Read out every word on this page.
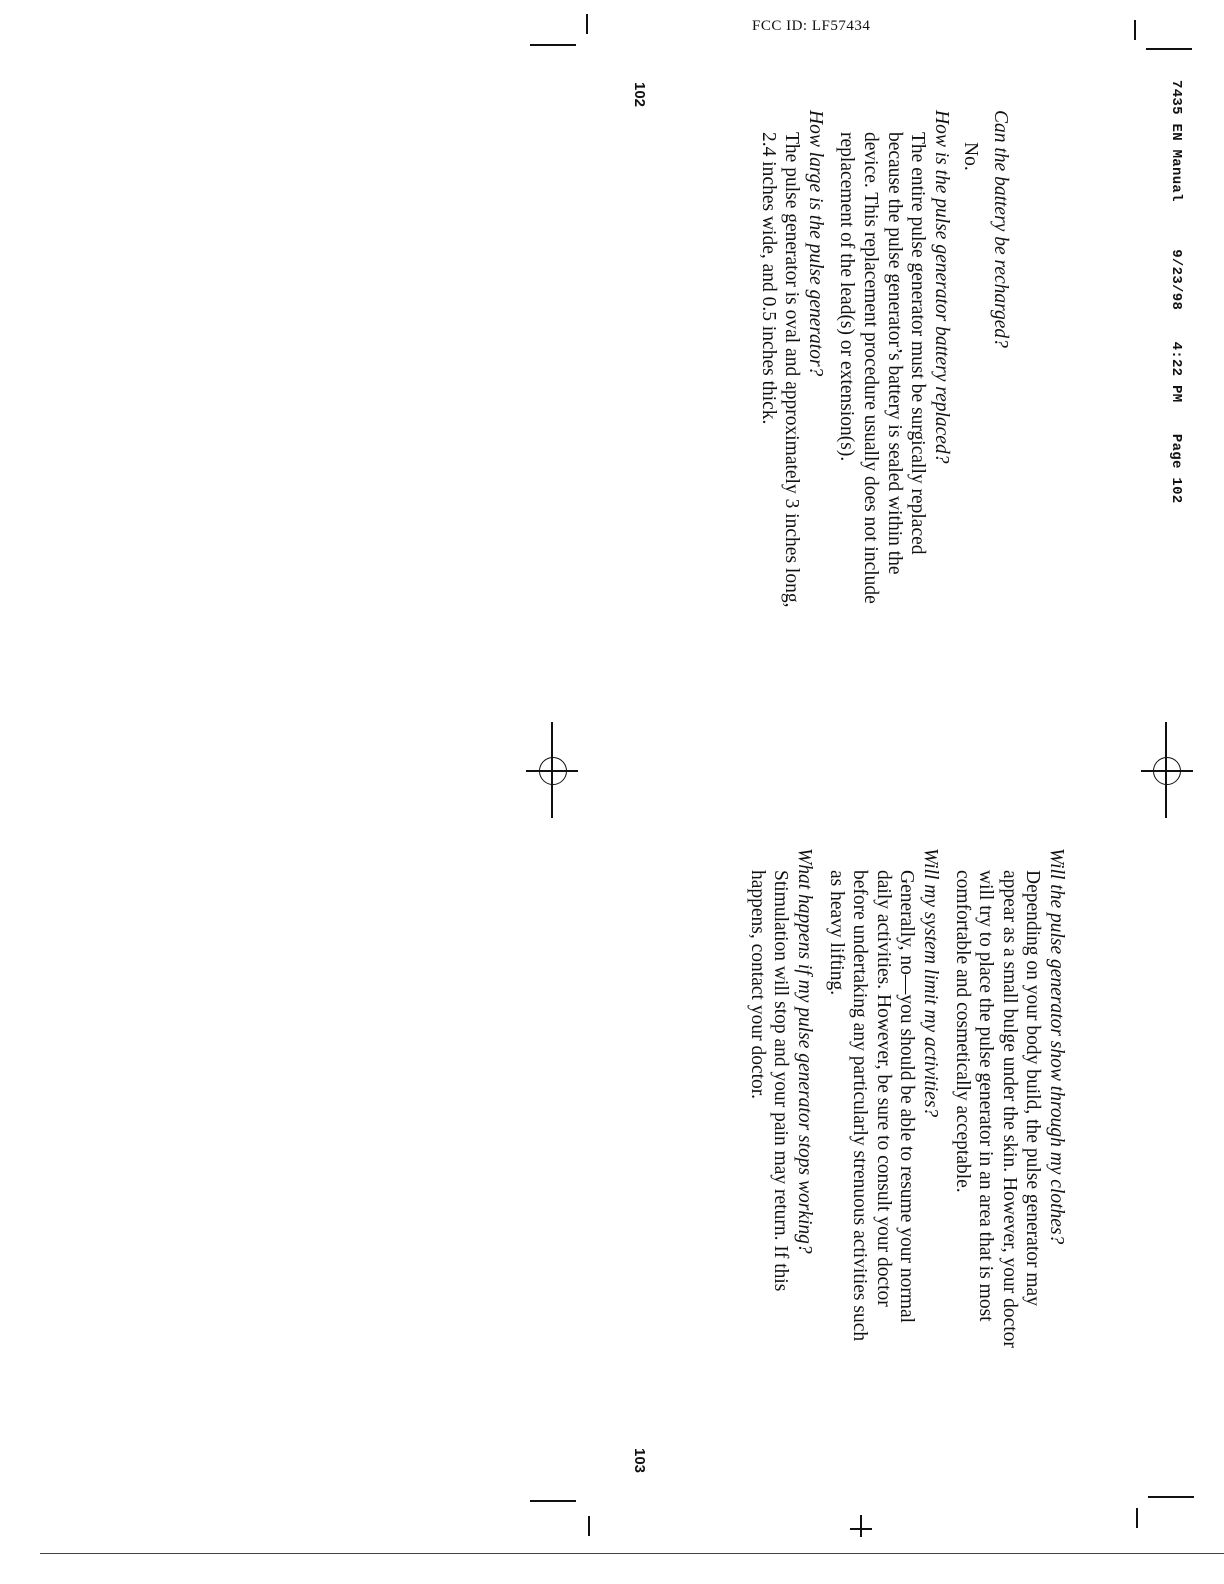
FCC ID: LF57434
7435 EN Manual  9/23/98  4:22 PM  Page 102

Can the battery be recharged?

No.

How is the pulse generator battery replaced?

The entire pulse generator must be surgically replaced

because the pulse generator’s battery is sealed within the

device. This replacement procedure usually does not include

replacement of the lead(s) or extension(s).

How large is the pulse generator?

The pulse generator is oval and approximately 3 inches long,

2.4 inches wide, and 0.5 inches thick.

102

Will the pulse generator show through my clothes?

Depending on your body build, the pulse generator may

appear as a small bulge under the skin. However, your doctor

will try to place the pulse generator in an area that is most

comfortable and cosmetically acceptable.

Will my system limit my activities?

Generally, no—you should be able to resume your normal

daily activities. However, be sure to consult your doctor

before undertaking any particularly strenuous activities such

as heavy lifting.

What happens if my pulse generator stops working?

Stimulation will stop and your pain may return. If this

happens, contact your doctor.

103
